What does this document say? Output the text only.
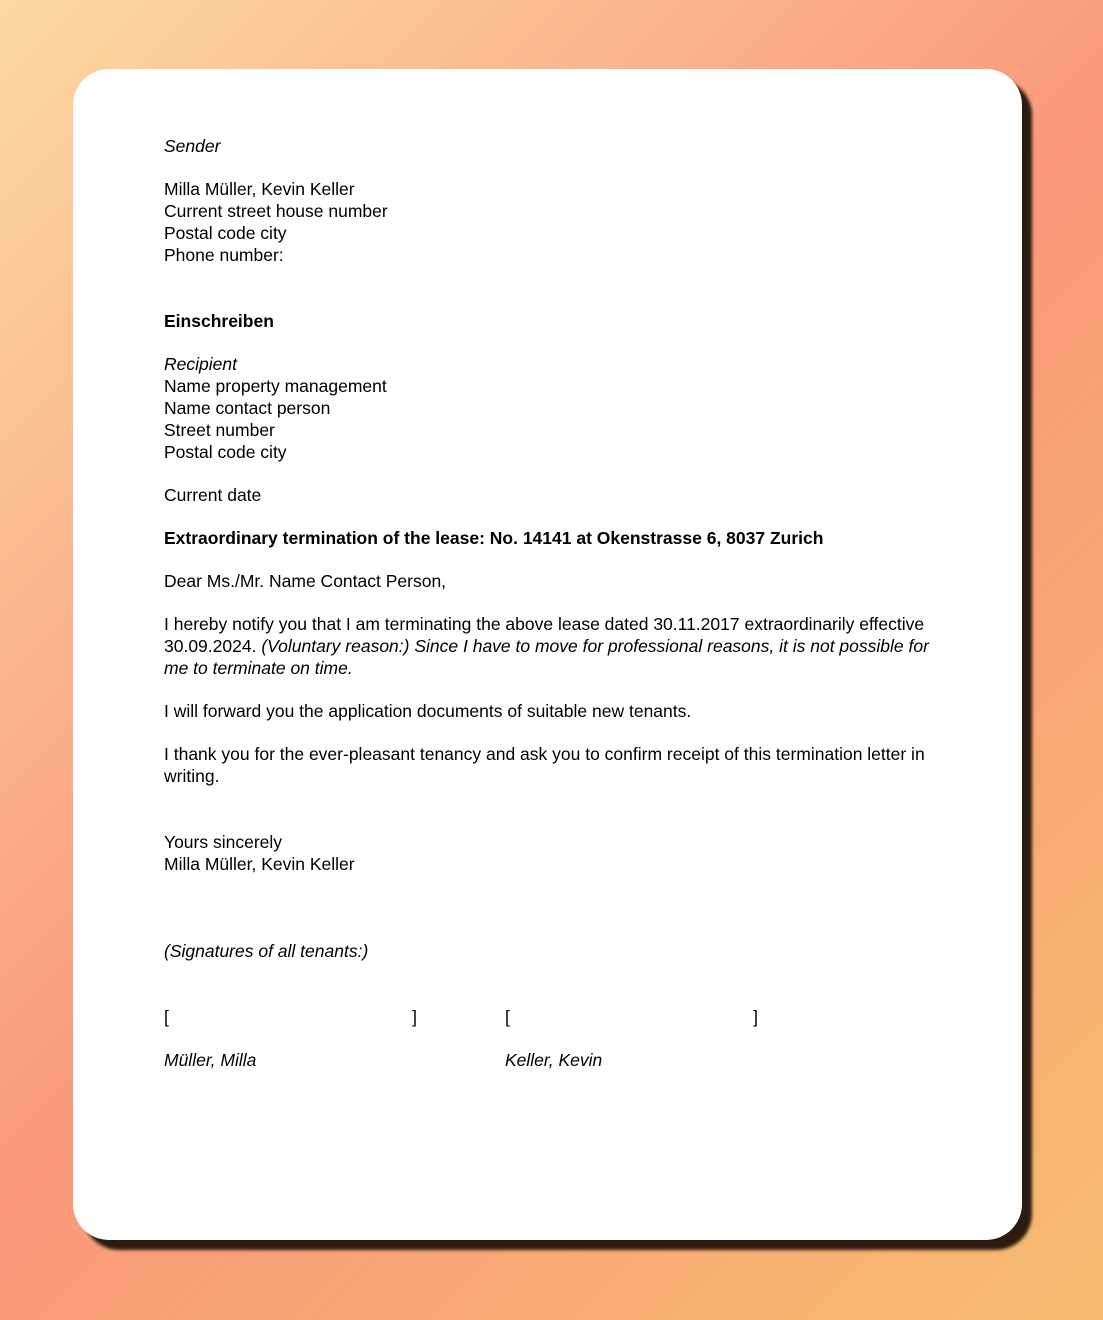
Sender

Milla Müller, Kevin Keller
Current street house number
Postal code city
Phone number:

Einschreiben

Recipient
Name property management
Name contact person
Street number
Postal code city

Current date

Extraordinary termination of the lease: No. 14141 at Okenstrasse 6, 8037 Zurich

Dear Ms./Mr. Name Contact Person,

I hereby notify you that I am terminating the above lease dated 30.11.2017 extraordinarily effective 30.09.2024. (Voluntary reason:) Since I have to move for professional reasons, it is not possible for me to terminate on time.

I will forward you the application documents of suitable new tenants.

I thank you for the ever-pleasant tenancy and ask you to confirm receipt of this termination letter in writing.

Yours sincerely
Milla Müller, Kevin Keller

(Signatures of all tenants:)

[	]	[	]
Müller, Milla	Keller, Kevin
